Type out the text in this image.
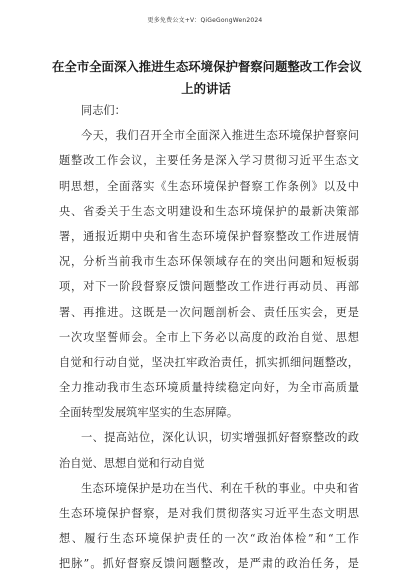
更多免费公文+V：QiGeGongWen2024
在全市全面深入推进生态环境保护督察问题整改工作会议
上的讲话
同志们：
今天，我们召开全市全面深入推进生态环境保护督察问
题整改工作会议，主要任务是深入学习贯彻习近平生态文
明思想，全面落实《生态环境保护督察工作条例》以及中
央、省委关于生态文明建设和生态环境保护的最新决策部
署，通报近期中央和省生态环境保护督察整改工作进展情
况，分析当前我市生态环保领域存在的突出问题和短板弱
项，对下一阶段督察反馈问题整改工作进行再动员、再部
署、再推进。这既是一次问题剖析会、责任压实会，更是
一次攻坚誓师会。全市上下务必以高度的政治自觉、思想
自觉和行动自觉，坚决扛牢政治责任，抓实抓细问题整改，
全力推动我市生态环境质量持续稳定向好，为全市高质量
全面转型发展筑牢坚实的生态屏障。
一、提高站位，深化认识，切实增强抓好督察整改的政
治自觉、思想自觉和行动自觉
生态环境保护是功在当代、利在千秋的事业。中央和省
生态环境保护督察，是对我们贯彻落实习近平生态文明思
想、履行生态环境保护责任的一次“政治体检”和“工作
把脉”。抓好督察反馈问题整改，是严肃的政治任务，是
